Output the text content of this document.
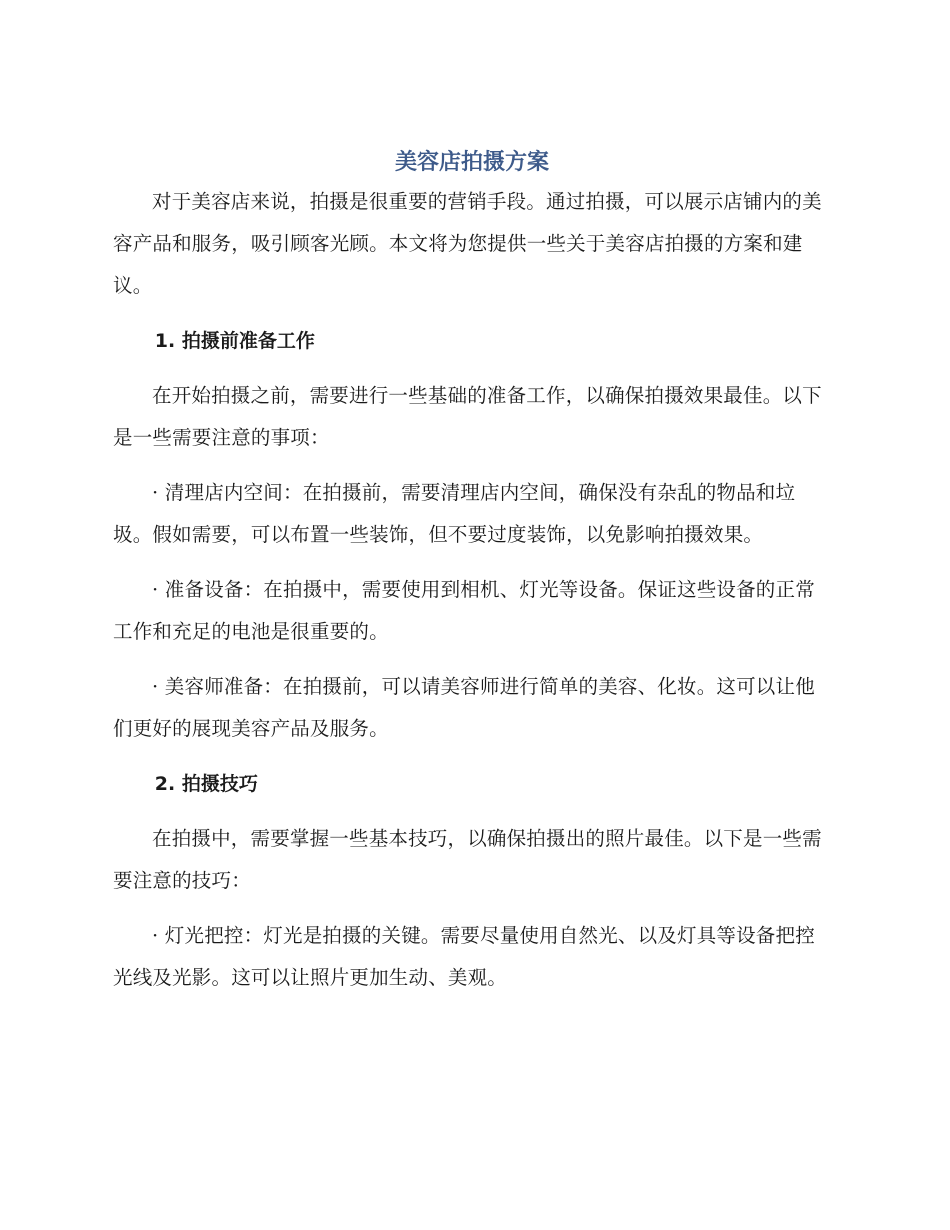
美容店拍摄方案

对于美容店来说，拍摄是很重要的营销手段。通过拍摄，可以展示店铺内的美容产品和服务，吸引顾客光顾。本文将为您提供一些关于美容店拍摄的方案和建议。

1. 拍摄前准备工作

在开始拍摄之前，需要进行一些基础的准备工作，以确保拍摄效果最佳。以下是一些需要注意的事项：

· 清理店内空间：在拍摄前，需要清理店内空间，确保没有杂乱的物品和垃圾。假如需要，可以布置一些装饰，但不要过度装饰，以免影响拍摄效果。

· 准备设备：在拍摄中，需要使用到相机、灯光等设备。保证这些设备的正常工作和充足的电池是很重要的。

· 美容师准备：在拍摄前，可以请美容师进行简单的美容、化妆。这可以让他们更好的展现美容产品及服务。

2. 拍摄技巧

在拍摄中，需要掌握一些基本技巧，以确保拍摄出的照片最佳。以下是一些需要注意的技巧：

· 灯光把控：灯光是拍摄的关键。需要尽量使用自然光、以及灯具等设备把控光线及光影。这可以让照片更加生动、美观。
